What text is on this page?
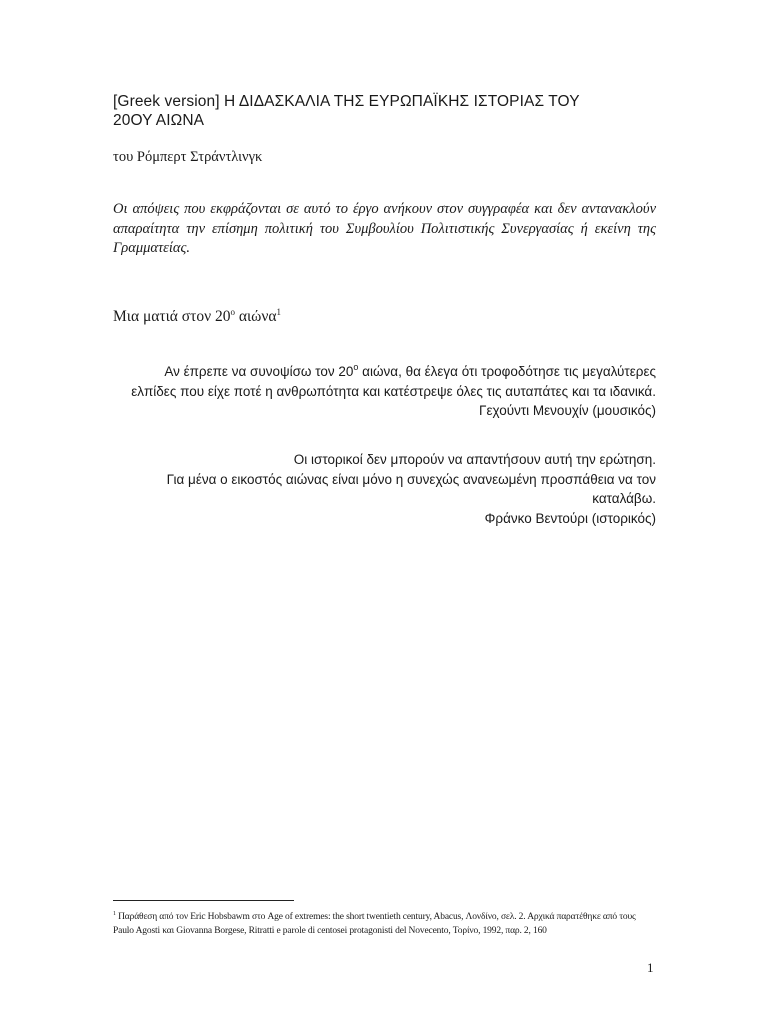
[Greek version] Η ΔΙΔΑΣΚΑΛΙΑ ΤΗΣ ΕΥΡΩΠΑΪΚΗΣ ΙΣΤΟΡΙΑΣ ΤΟΥ
20ΟΥ ΑΙΩΝΑ
του Ρόμπερτ Στράντλινγκ
Οι απόψεις που εκφράζονται σε αυτό το έργο ανήκουν στον συγγραφέα και δεν αντανακλούν απαραίτητα την επίσημη πολιτική του Συμβουλίου Πολιτιστικής Συνεργασίας ή εκείνη της Γραμματείας.
Μια ματιά στον $20^o$ αιώνα$^1$
Αν έπρεπε να συνοψίσω τον $20^o$ αιώνα, θα έλεγα ότι τροφοδότησε τις μεγαλύτερες
ελπίδες που είχε ποτέ η ανθρωπότητα και κατέστρεψε όλες τις αυταπάτες και τα ιδανικά.
Γεχούντι Μενουχίν (μουσικός)
Οι ιστορικοί δεν μπορούν να απαντήσουν αυτή την ερώτηση.
Για μένα ο εικοστός αιώνας είναι μόνο η συνεχώς ανανεωμένη προσπάθεια να τον
καταλάβω.
Φράνκο Βεντούρι (ιστορικός)
$^1$ Παράθεση από τον Eric Hobsbawm στο Age of extremes: the short twentieth century, Abacus, Λονδίνο, σελ. 2. Αρχικά παρατέθηκε από τους Paulo Agosti και Giovanna Borgese, Ritratti e parole di centosei protagonisti del Novecento, Τορίνο, 1992, παρ. 2, 160
1
